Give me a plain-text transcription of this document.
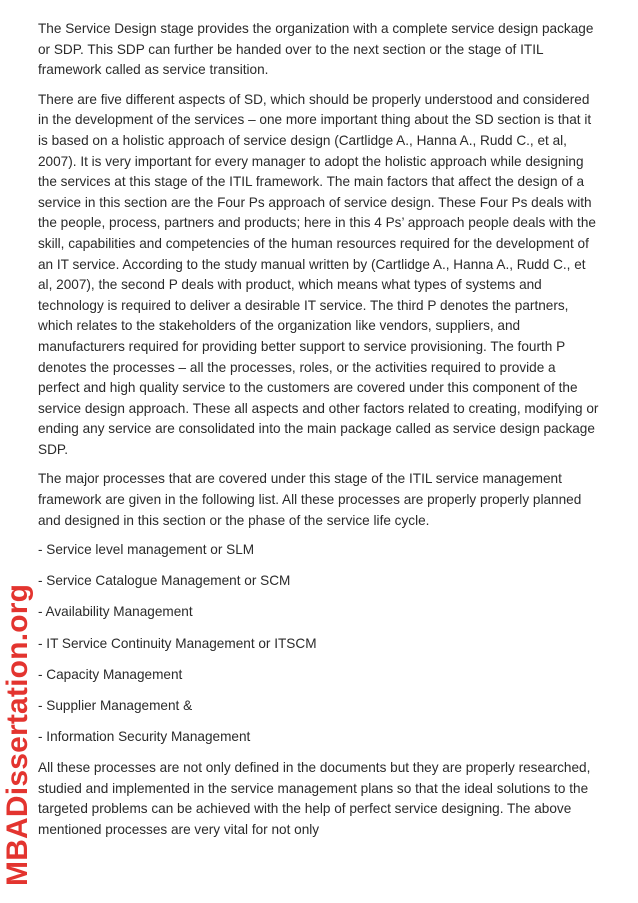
MBADissertation.org

The Service Design stage provides the organization with a complete service design package or SDP. This SDP can further be handed over to the next section or the stage of ITIL framework called as service transition.

There are five different aspects of SD, which should be properly understood and considered in the development of the services – one more important thing about the SD section is that it is based on a holistic approach of service design (Cartlidge A., Hanna A., Rudd C., et al, 2007). It is very important for every manager to adopt the holistic approach while designing the services at this stage of the ITIL framework. The main factors that affect the design of a service in this section are the Four Ps approach of service design. These Four Ps deals with the people, process, partners and products; here in this 4 Ps’ approach people deals with the skill, capabilities and competencies of the human resources required for the development of an IT service. According to the study manual written by (Cartlidge A., Hanna A., Rudd C., et al, 2007), the second P deals with product, which means what types of systems and technology is required to deliver a desirable IT service. The third P denotes the partners, which relates to the stakeholders of the organization like vendors, suppliers, and manufacturers required for providing better support to service provisioning. The fourth P denotes the processes – all the processes, roles, or the activities required to provide a perfect and high quality service to the customers are covered under this component of the service design approach. These all aspects and other factors related to creating, modifying or ending any service are consolidated into the main package called as service design package SDP.

The major processes that are covered under this stage of the ITIL service management framework are given in the following list. All these processes are properly properly planned and designed in this section or the phase of the service life cycle.

- Service level management or SLM
- Service Catalogue Management or SCM
- Availability Management
- IT Service Continuity Management or ITSCM
- Capacity Management
- Supplier Management &
- Information Security Management

All these processes are not only defined in the documents but they are properly researched, studied and implemented in the service management plans so that the ideal solutions to the targeted problems can be achieved with the help of perfect service designing. The above mentioned processes are very vital for not only
